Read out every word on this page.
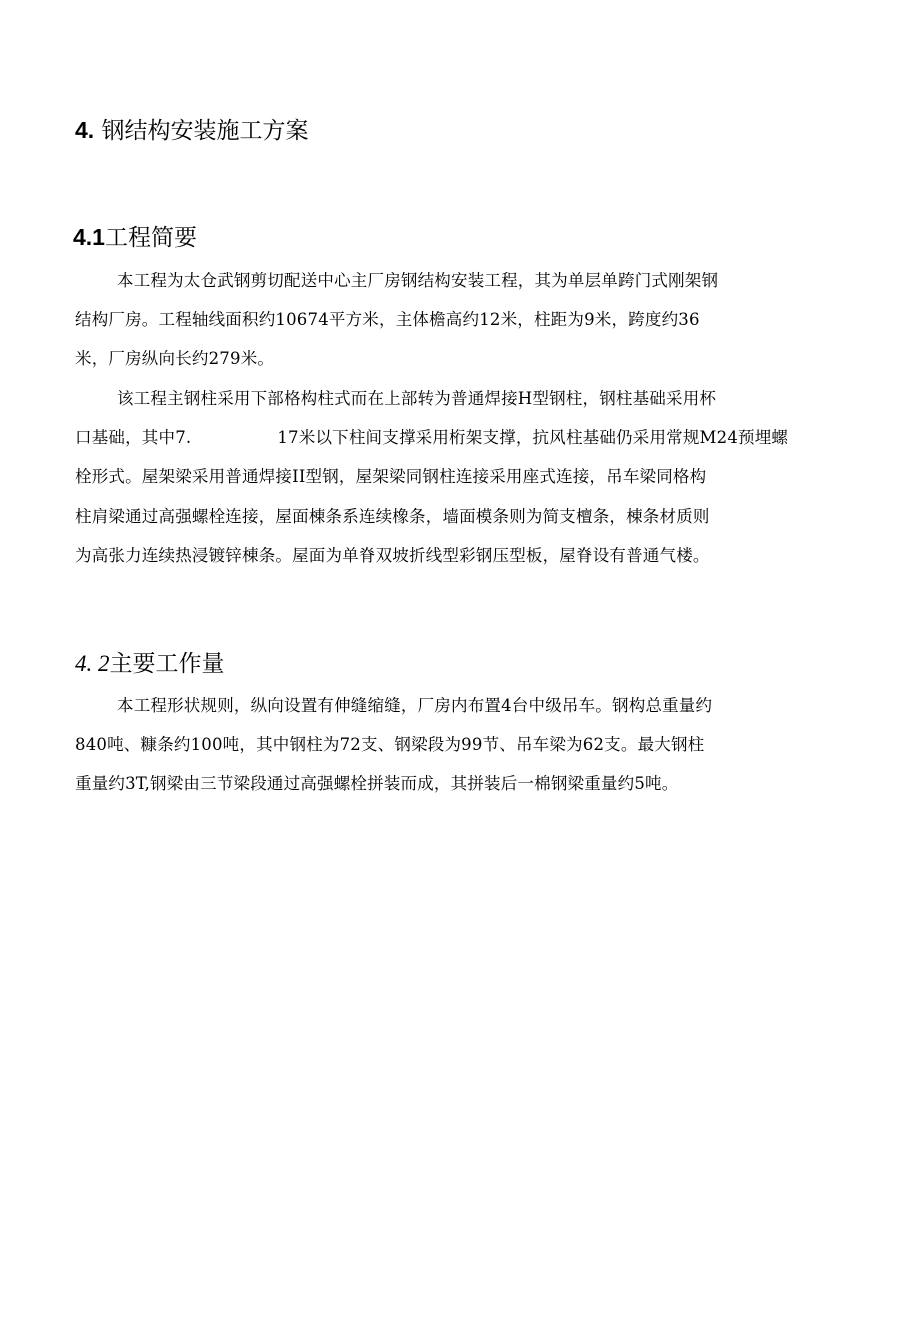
4. 钢结构安装施工方案
4.1工程简要
本工程为太仓武钢剪切配送中心主厂房钢结构安装工程，其为单层单跨门式刚架钢
结构厂房。工程轴线面积约10674平方米，主体檐高约12米，柱距为9米，跨度约36
米，厂房纵向长约279米。
该工程主钢柱采用下部格构柱式而在上部转为普通焊接H型钢柱，钢柱基础采用杯
口基础，其中7.	17米以下柱间支撑采用桁架支撑，抗风柱基础仍采用常规M24预埋螺
栓形式。屋架梁采用普通焊接II型钢，屋架梁同钢柱连接采用座式连接，吊车梁同格构
柱肩梁通过高强螺栓连接，屋面棟条系连续橡条，墙面模条则为简支檀条，棟条材质则
为高张力连续热浸镀锌棟条。屋面为单脊双坡折线型彩钢压型板，屋脊设有普通气楼。
4. 2主要工作量
本工程形状规则，纵向设置有伸缝缩缝，厂房内布置4台中级吊车。钢构总重量约
840吨、糠条约100吨，其中钢柱为72支、钢梁段为99节、吊车梁为62支。最大钢柱
重量约3T,钢梁由三节梁段通过高强螺栓拼装而成，其拼装后一棉钢梁重量约5吨。
